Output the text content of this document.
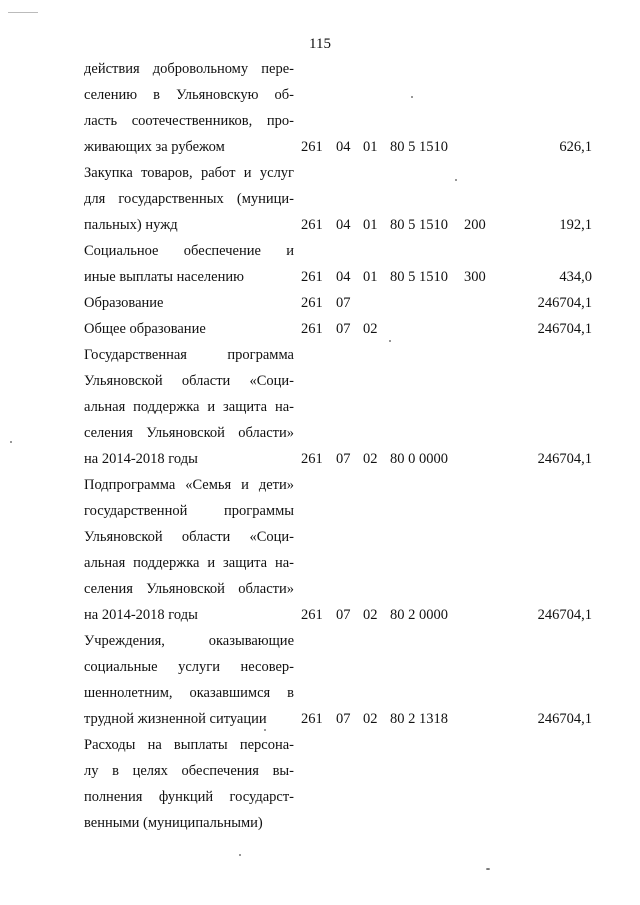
115
действия добровольному пере-
селению в Ульяновскую об-
ласть соотечественников, про-
живающих за рубежом	261 04 01 80 5 1510	626,1
Закупка товаров, работ и услуг
для государственных (муници-
пальных) нужд	261 04 01 80 5 1510 200	192,1
Социальное обеспечение и
иные выплаты населению	261 04 01 80 5 1510 300	434,0
Образование	261 07	246704,1
Общее образование	261 07 02	246704,1
Государственная программа
Ульяновской области «Соци-
альная поддержка и защита на-
селения Ульяновской области»
на 2014-2018 годы	261 07 02 80 0 0000	246704,1
Подпрограмма «Семья и дети»
государственной программы
Ульяновской области «Соци-
альная поддержка и защита на-
селения Ульяновской области»
на 2014-2018 годы	261 07 02 80 2 0000	246704,1
Учреждения, оказывающие
социальные услуги несовер-
шеннолетним, оказавшимся в
трудной жизненной ситуации	261 07 02 80 2 1318	246704,1
Расходы на выплаты персона-
лу в целях обеспечения вы-
полнения функций государст-
венными (муниципальными)
